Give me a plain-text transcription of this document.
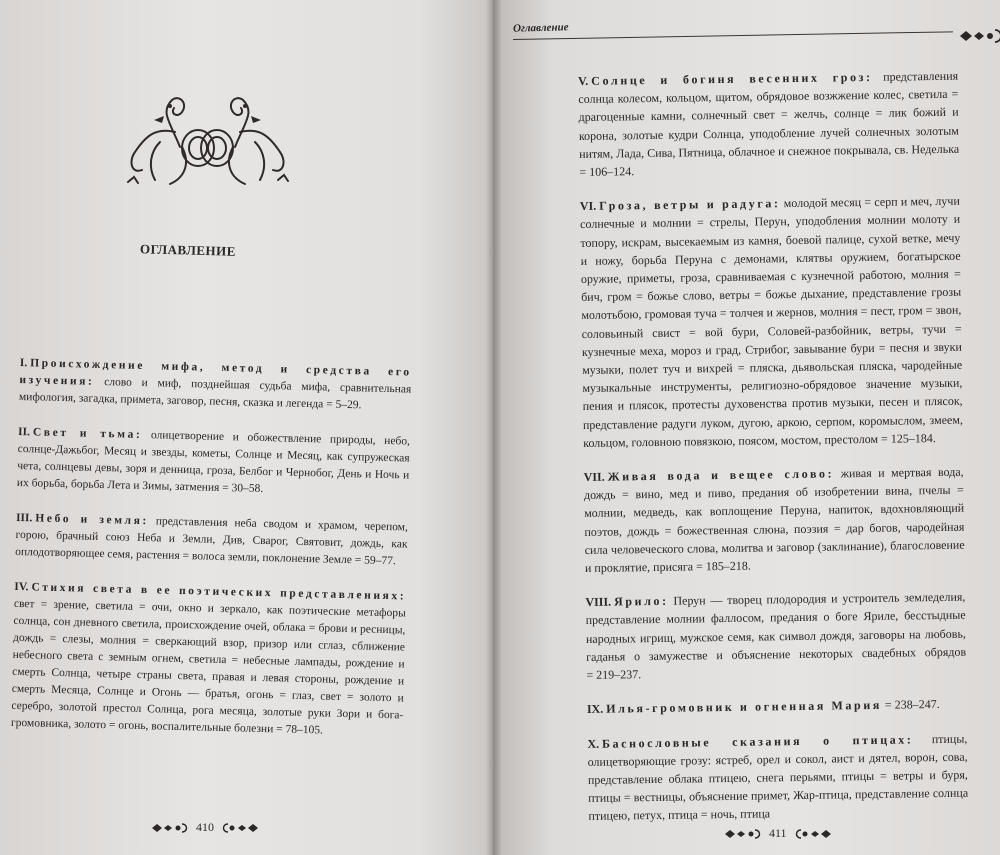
ОГЛАВЛЕНИЕ

I. Происхождение мифа, метод и средства его изучения: слово и миф, позднейшая судьба мифа, сравнительная мифология, загадка, примета, заговор, песня, сказка и легенда = 5–29.

II. Свет и тьма: олицетворение и обожествление природы, небо, солнце-Дажьбог, Месяц и звезды, кометы, Солнце и Месяц, как супружеская чета, солнцевы девы, зоря и денница, гроза, Белбог и Чернобог, День и Ночь и их борьба, борьба Лета и Зимы, затмения = 30–58.

III. Небо и земля: представления неба сводом и храмом, черепом, горою, брачный союз Неба и Земли, Див, Сварог, Святовит, дождь, как оплодотворяющее семя, растения = волоса земли, поклонение Земле = 59–77.

IV. Стихия света в ее поэтических представлениях: свет = зрение, светила = очи, окно и зеркало, как поэтические метафоры солнца, сон дневного светила, происхождение очей, облака = брови и ресницы, дождь = слезы, молния = сверкающий взор, призор или сглаз, сближение небесного света с земным огнем, светила = небесные лампады, рождение и смерть Солнца, четыре страны света, правая и левая стороны, рождение и смерть Месяца, Солнце и Огонь — братья, огонь = глаз, свет = золото и серебро, золотой престол Солнца, рога месяца, золотые руки Зори и бога-громовника, золото = огонь, воспалительные болезни = 78–105.

410
Оглавление

V. Солнце и богиня весенних гроз: представления солнца колесом, кольцом, щитом, обрядовое возжжение колес, светила = драгоценные камни, солнечный свет = желчь, солнце = лик божий и корона, золотые кудри Солнца, уподобление лучей солнечных золотым нитям, Лада, Сива, Пятница, облачное и снежное покрывала, св. Неделька = 106–124.

VI. Гроза, ветры и радуга: молодой месяц = серп и меч, лучи солнечные и молнии = стрелы, Перун, уподобления молнии молоту и топору, искрам, высекаемым из камня, боевой палице, сухой ветке, мечу и ножу, борьба Перуна с демонами, клятвы оружием, богатырское оружие, приметы, гроза, сравниваемая с кузнечной работою, молния = бич, гром = божье слово, ветры = божье дыхание, представление грозы молотьбою, громовая туча = толчея и жернов, молния = пест, гром = звон, соловьиный свист = вой бури, Соловей-разбойник, ветры, тучи = кузнечные меха, мороз и град, Стрибог, завывание бури = песня и звуки музыки, полет туч и вихрей = пляска, дьявольская пляска, чародейные музыкальные инструменты, религиозно-обрядовое значение музыки, пения и плясок, протесты духовенства против музыки, песен и плясок, представление радуги луком, дугою, аркою, серпом, коромыслом, змеем, кольцом, головною повязкою, поясом, мостом, престолом = 125–184.

VII. Живая вода и вещее слово: живая и мертвая вода, дождь = вино, мед и пиво, предания об изобретении вина, пчелы = молнии, медведь, как воплощение Перуна, напиток, вдохновляющий поэтов, дождь = божественная слюна, поэзия = дар богов, чародейная сила человеческого слова, молитва и заговор (заклинание), благословение и проклятие, присяга = 185–218.

VIII. Ярило: Перун — творец плодородия и устроитель земледелия, представление молнии фаллосом, предания о боге Яриле, бесстыдные народных игрищ, мужское семя, как символ дождя, заговоры на любовь, гаданья о замужестве и объяснение некоторых свадебных обрядов = 219–237.

IX. Илья-громовник и огненная Мария = 238–247.

X. Баснословные сказания о птицах: птицы, олицетворяющие грозу: ястреб, орел и сокол, аист и дятел, ворон, сова, представление облака птицею, снега перьями, птицы = ветры и буря, птицы = вестницы, объяснение примет, Жар-птица, представление солнца птицею, петух, птица = ночь, птица

411
